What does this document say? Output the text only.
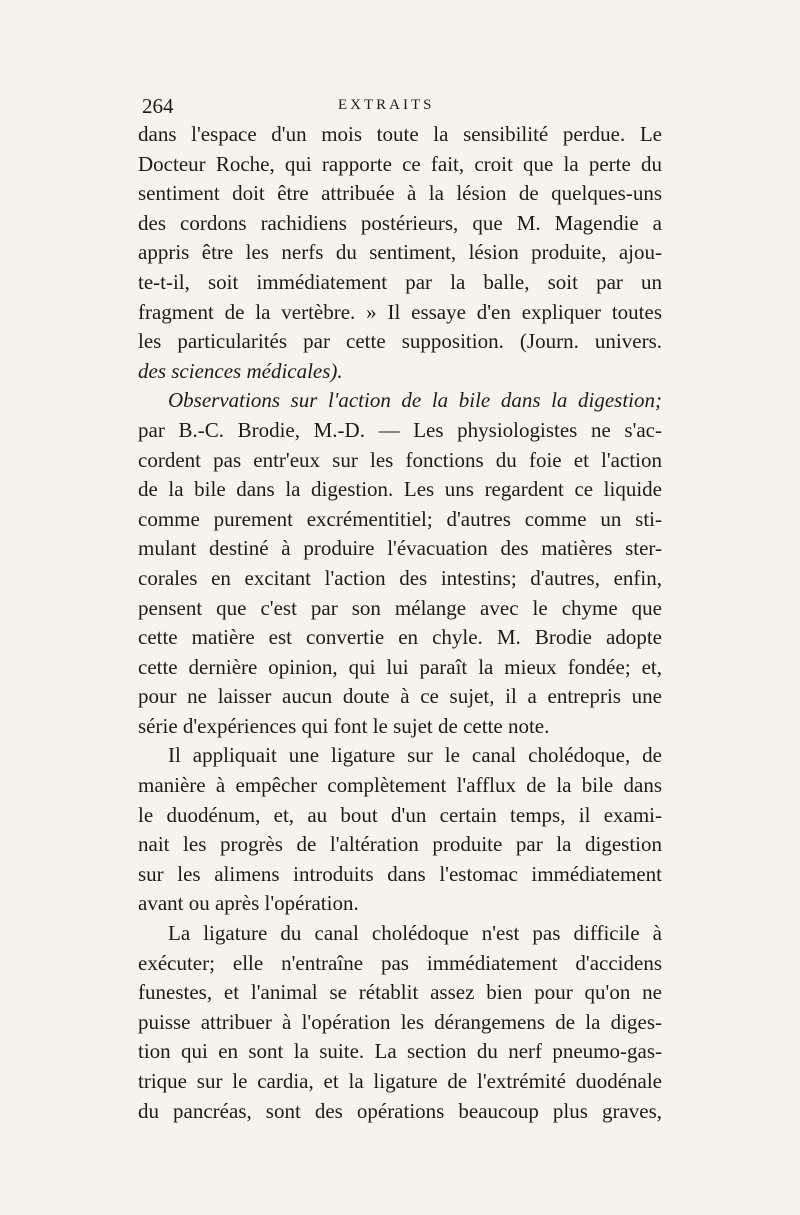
264	EXTRAITS
dans l'espace d'un mois toute la sensibilité perdue. Le
Docteur Roche, qui rapporte ce fait, croit que la perte du
sentiment doit être attribuée à la lésion de quelques-uns
des cordons rachidiens postérieurs, que M. Magendie a
appris être les nerfs du sentiment, lésion produite, ajou-
te-t-il, soit immédiatement par la balle, soit par un
fragment de la vertèbre. » Il essaye d'en expliquer toutes
les particularités par cette supposition. (Journ. univers.
des sciences médicales).
Observations sur l'action de la bile dans la digestion;
par B.-C. Brodie, M.-D. — Les physiologistes ne s'ac-
cordent pas entr'eux sur les fonctions du foie et l'action
de la bile dans la digestion. Les uns regardent ce liquide
comme purement excrémentitiel; d'autres comme un sti-
mulant destiné à produire l'évacuation des matières ster-
corales en excitant l'action des intestins; d'autres, enfin,
pensent que c'est par son mélange avec le chyme que
cette matière est convertie en chyle. M. Brodie adopte
cette dernière opinion, qui lui paraît la mieux fondée; et,
pour ne laisser aucun doute à ce sujet, il a entrepris une
série d'expériences qui font le sujet de cette note.
Il appliquait une ligature sur le canal cholédoque, de
manière à empêcher complètement l'afflux de la bile dans
le duodénum, et, au bout d'un certain temps, il exami-
nait les progrès de l'altération produite par la digestion
sur les alimens introduits dans l'estomac immédiatement
avant ou après l'opération.
La ligature du canal cholédoque n'est pas difficile à
exécuter; elle n'entraîne pas immédiatement d'accidens
funestes, et l'animal se rétablit assez bien pour qu'on ne
puisse attribuer à l'opération les dérangemens de la diges-
tion qui en sont la suite. La section du nerf pneumo-gas-
trique sur le cardia, et la ligature de l'extrémité duodénale
du pancréas, sont des opérations beaucoup plus graves,
